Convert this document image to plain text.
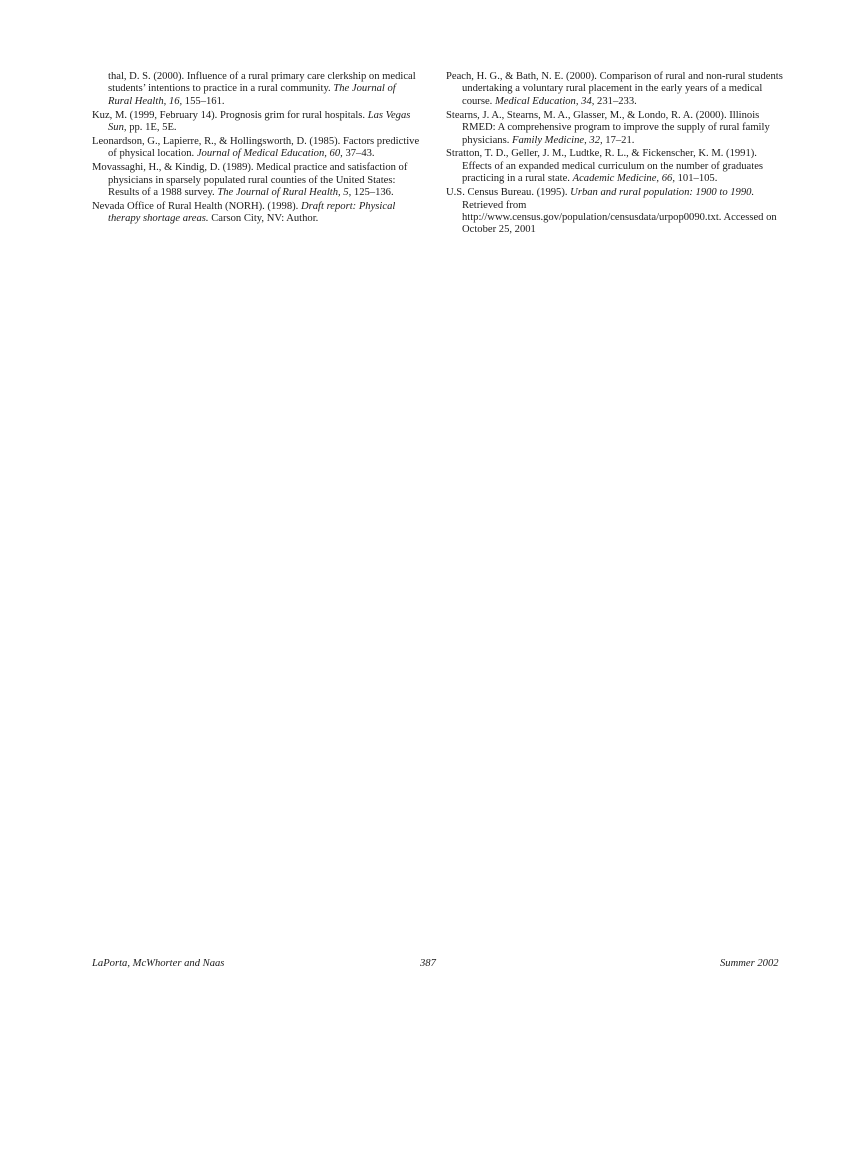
thal, D. S. (2000). Influence of a rural primary care clerkship on medical students’ intentions to practice in a rural community. The Journal of Rural Health, 16, 155–161.

Kuz, M. (1999, February 14). Prognosis grim for rural hospitals. Las Vegas Sun, pp. 1E, 5E.

Leonardson, G., Lapierre, R., & Hollingsworth, D. (1985). Factors predictive of physical location. Journal of Medical Education, 60, 37–43.

Movassaghi, H., & Kindig, D. (1989). Medical practice and satisfaction of physicians in sparsely populated rural counties of the United States: Results of a 1988 survey. The Journal of Rural Health, 5, 125–136.

Nevada Office of Rural Health (NORH). (1998). Draft report: Physical therapy shortage areas. Carson City, NV: Author.

Peach, H. G., & Bath, N. E. (2000). Comparison of rural and non-rural students undertaking a voluntary rural placement in the early years of a medical course. Medical Education, 34, 231–233.

Stearns, J. A., Stearns, M. A., Glasser, M., & Londo, R. A. (2000). Illinois RMED: A comprehensive program to improve the supply of rural family physicians. Family Medicine, 32, 17–21.

Stratton, T. D., Geller, J. M., Ludtke, R. L., & Fickenscher, K. M. (1991). Effects of an expanded medical curriculum on the number of graduates practicing in a rural state. Academic Medicine, 66, 101–105.

U.S. Census Bureau. (1995). Urban and rural population: 1900 to 1990. Retrieved from http://www.census.gov/population/censusdata/urpop0090.txt. Accessed on October 25, 2001

LaPorta, McWhorter and Naas	387	Summer 2002
